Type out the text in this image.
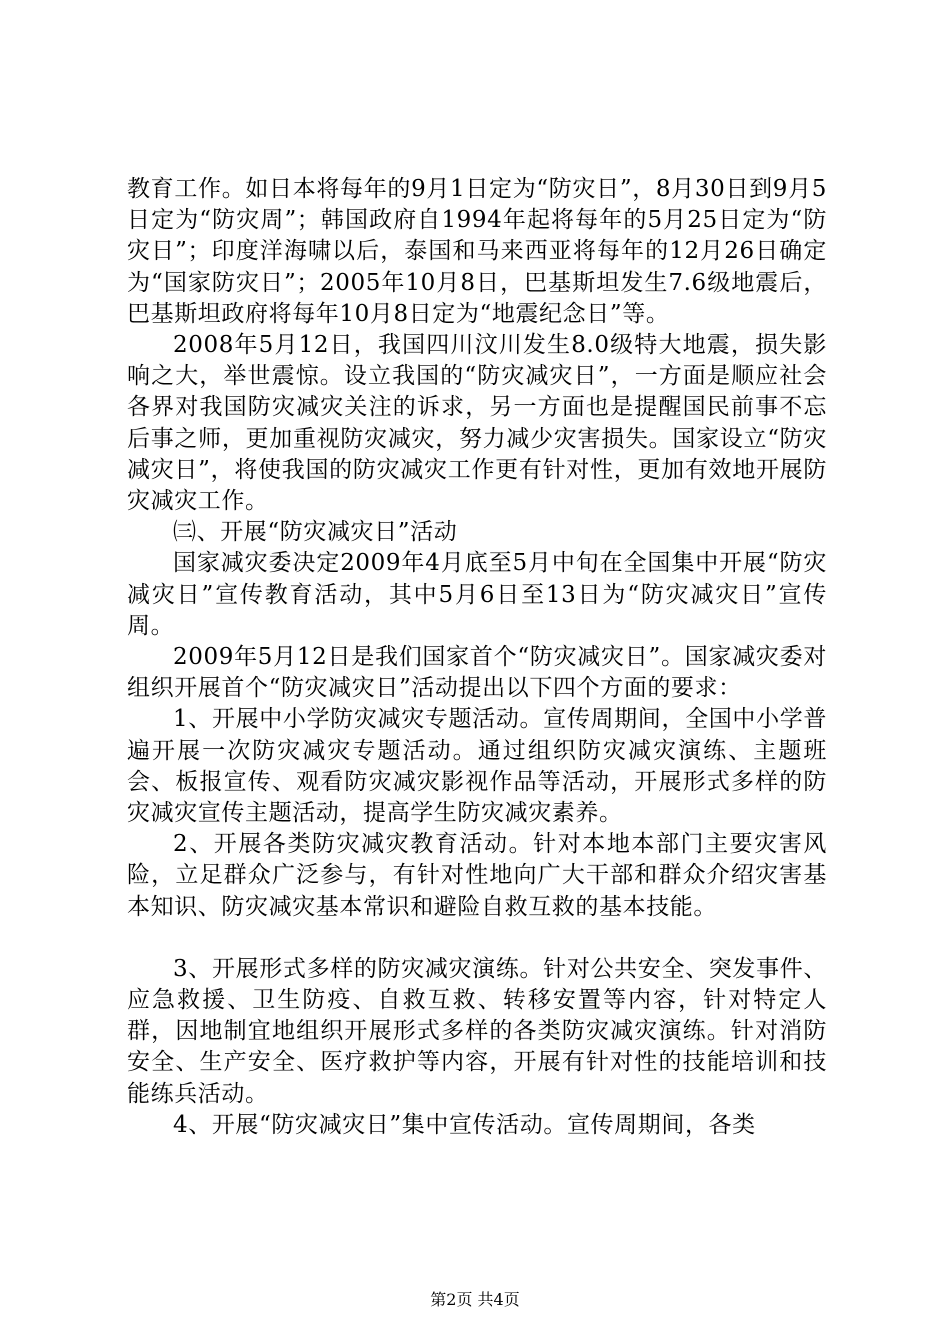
教育工作。如日本将每年的9月1日定为“防灾日”，8月30日到9月5日定为“防灾周”；韩国政府自1994年起将每年的5月25日定为“防灾日”；印度洋海啸以后，泰国和马来西亚将每年的12月26日确定为“国家防灾日”；2005年10月8日，巴基斯坦发生7.6级地震后，巴基斯坦政府将每年10月8日定为“地震纪念日”等。

2008年5月12日，我国四川汶川发生8.0级特大地震，损失影响之大，举世震惊。设立我国的“防灾减灾日”，一方面是顺应社会各界对我国防灾减灾关注的诉求，另一方面也是提醒国民前事不忘后事之师，更加重视防灾减灾，努力减少灾害损失。国家设立“防灾减灾日”，将使我国的防灾减灾工作更有针对性，更加有效地开展防灾减灾工作。

㈢、开展“防灾减灾日”活动

国家减灾委决定2009年4月底至5月中旬在全国集中开展“防灾减灾日”宣传教育活动，其中5月6日至13日为“防灾减灾日”宣传周。

2009年5月12日是我们国家首个“防灾减灾日”。国家减灾委对组织开展首个“防灾减灾日”活动提出以下四个方面的要求：

1、开展中小学防灾减灾专题活动。宣传周期间，全国中小学普遍开展一次防灾减灾专题活动。通过组织防灾减灾演练、主题班会、板报宣传、观看防灾减灾影视作品等活动，开展形式多样的防灾减灾宣传主题活动，提高学生防灾减灾素养。

2、开展各类防灾减灾教育活动。针对本地本部门主要灾害风险，立足群众广泛参与，有针对性地向广大干部和群众介绍灾害基本知识、防灾减灾基本常识和避险自救互救的基本技能。

3、开展形式多样的防灾减灾演练。针对公共安全、突发事件、应急救援、卫生防疫、自救互救、转移安置等内容，针对特定人群，因地制宜地组织开展形式多样的各类防灾减灾演练。针对消防安全、生产安全、医疗救护等内容，开展有针对性的技能培训和技能练兵活动。

4、开展“防灾减灾日”集中宣传活动。宣传周期间，各类

第2页 共4页
